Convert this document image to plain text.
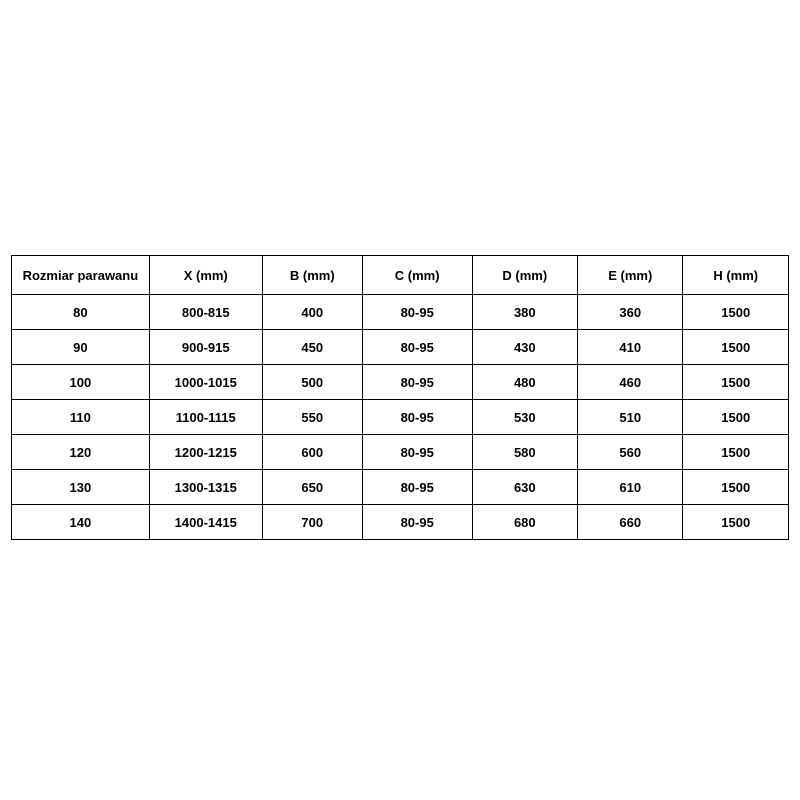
Rozmiar parawanu	X (mm)	B (mm)	C (mm)	D (mm)	E (mm)	H (mm)
80	800-815	400	80-95	380	360	1500
90	900-915	450	80-95	430	410	1500
100	1000-1015	500	80-95	480	460	1500
110	1100-1115	550	80-95	530	510	1500
120	1200-1215	600	80-95	580	560	1500
130	1300-1315	650	80-95	630	610	1500
140	1400-1415	700	80-95	680	660	1500
